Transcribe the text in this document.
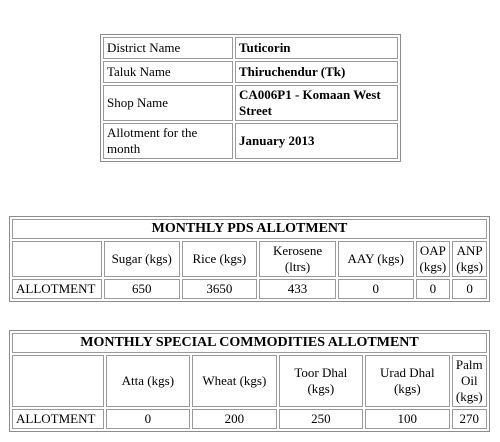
District Name	Tuticorin
Taluk Name	Thiruchendur (Tk)
Shop Name	CA006P1 - Komaan West Street
Allotment for the month	January 2013
MONTHLY PDS ALLOTMENT						
	Sugar (kgs)	Rice (kgs)	Kerosene (ltrs)	AAY (kgs)	OAP (kgs)	ANP (kgs)
ALLOTMENT	650	3650	433	0	0	0
MONTHLY SPECIAL COMMODITIES ALLOTMENT					
	Atta (kgs)	Wheat (kgs)	Toor Dhal (kgs)	Urad Dhal (kgs)	Palm Oil (kgs)
ALLOTMENT	0	200	250	100	270
